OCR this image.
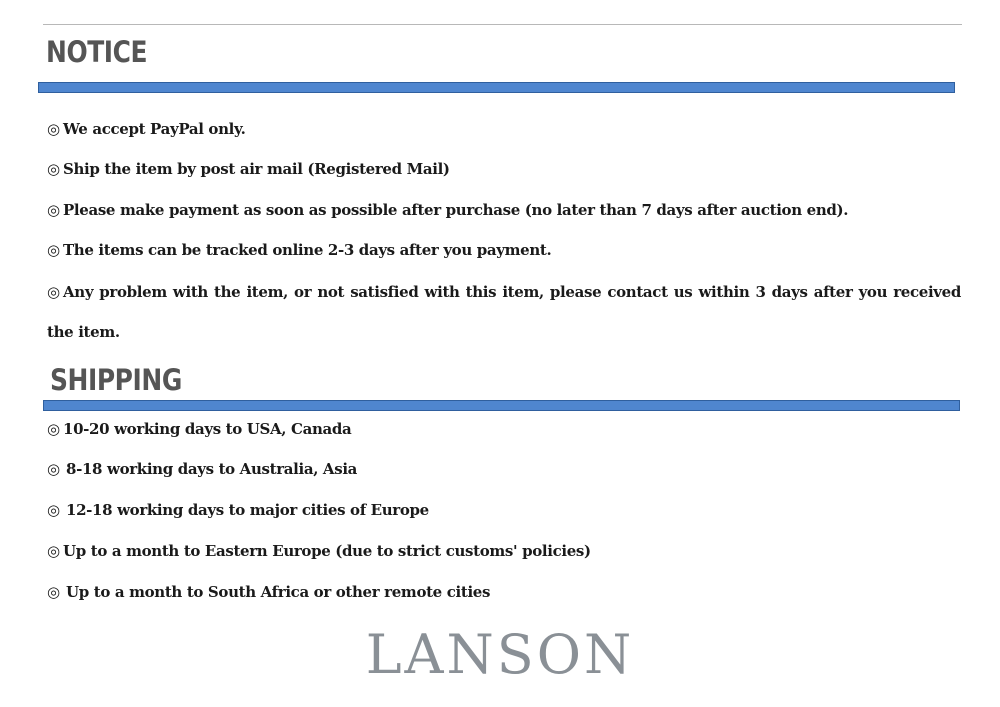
NOTICE
◎ We accept PayPal only.
◎ Ship the item by post air mail (Registered Mail)
◎ Please make payment as soon as possible after purchase (no later than 7 days after auction end).
◎ The items can be tracked online 2-3 days after you payment.
◎ Any problem with the item, or not satisfied with this item, please contact us within 3 days after you received the item.
SHIPPING
◎ 10-20 working days to USA, Canada
◎ 8-18 working days to Australia, Asia
◎ 12-18 working days to major cities of Europe
◎ Up to a month to Eastern Europe (due to strict customs' policies)
◎ Up to a month to South Africa or other remote cities
LANSON
